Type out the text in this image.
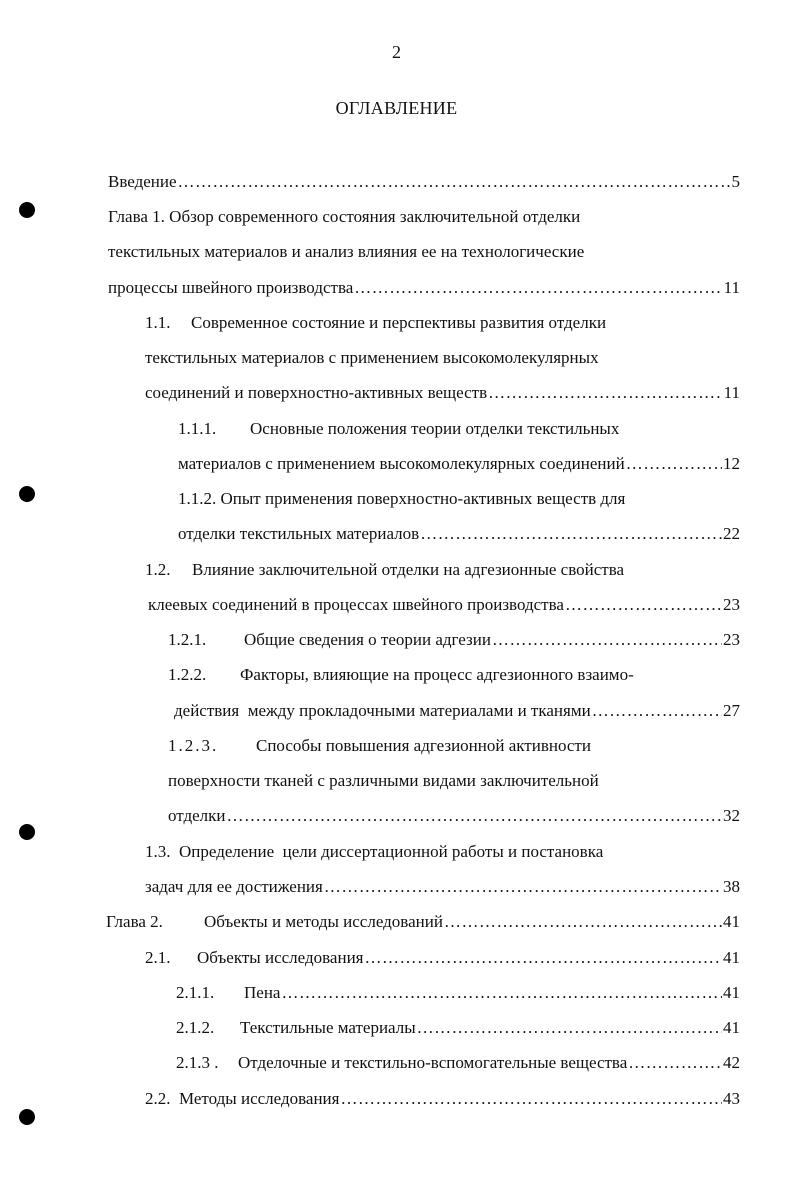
2
ОГЛАВЛЕНИЕ
Введение …………………………………………………………………………………………………………………………………………………………………………………………………………………………………………	5
Глава 1. Обзор современного состояния заключительной отделки
текстильных материалов и анализ влияния ее на технологические
процессы швейного производства …………………………………………………………………………………………………………………………………………………………………………………………………………………………………………	11
1.1. Современное состояние и перспективы развития отделки
текстильных материалов с применением высокомолекулярных
соединений и поверхностно-активных веществ …………………………………………………………………………………………………………………………………………………………………………………………………………………………………………	11
1.1.1. Основные положения теории отделки текстильных
материалов с применением высокомолекулярных соединений …………………………………………………………………………………………………………………………………………………………………………………………………………………………………………	12
1.1.2. Опыт применения поверхностно-активных веществ для
отделки текстильных материалов …………………………………………………………………………………………………………………………………………………………………………………………………………………………………………	22
1.2. Влияние заключительной отделки на адгезионные свойства
клеевых соединений в процессах швейного производства …………………………………………………………………………………………………………………………………………………………………………………………………………………………………………	23
1.2.1.	Общие сведения о теории адгезии …………………………………………………………………………………………………………………………………………………………………………………………………………………………………………	23
1.2.2. Факторы, влияющие на процесс адгезионного взаимо-
действия  между прокладочными материалами и тканями …………………………………………………………………………………………………………………………………………………………………………………………………………………………………………	27
1.2.3. Способы повышения адгезионной активности
поверхности тканей с различными видами заключительной
отделки …………………………………………………………………………………………………………………………………………………………………………………………………………………………………………	32
1.3.  Определение  цели диссертационной работы и постановка
задач для ее достижения …………………………………………………………………………………………………………………………………………………………………………………………………………………………………………	38
Глава 2.	Объекты и методы исследований …………………………………………………………………………………………………………………………………………………………………………………………………………………………………………	41
2.1.	Объекты исследования …………………………………………………………………………………………………………………………………………………………………………………………………………………………………………	41
2.1.1.	Пена …………………………………………………………………………………………………………………………………………………………………………………………………………………………………………	41
2.1.2.	Текстильные материалы …………………………………………………………………………………………………………………………………………………………………………………………………………………………………………	41
2.1.3 .	Отделочные и текстильно-вспомогательные вещества …………………………………………………………………………………………………………………………………………………………………………………………………………………………………………	42
2.2.  Методы исследования …………………………………………………………………………………………………………………………………………………………………………………………………………………………………………	43
